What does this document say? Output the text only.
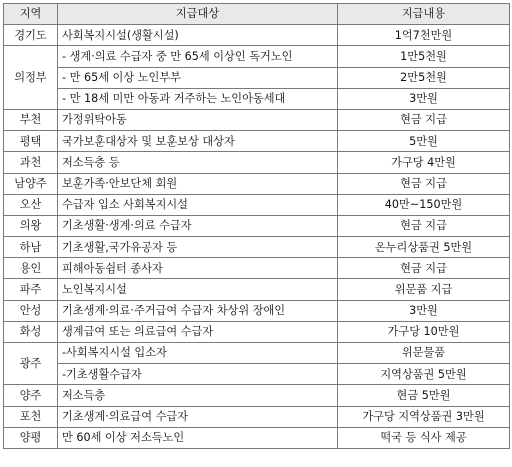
지역	지급대상	지급내용
경기도	사회복지시설(생활시설)	1억7천만원
의정부	- 생계·의료 수급자 중 만 65세 이상인 독거노인	1만5천원
	- 만 65세 이상 노인부부	2만5천원
	- 만 18세 미만 아동과 거주하는 노인아동세대	3만원
부천	가정위탁아동	현금 지급
평택	국가보훈대상자 및 보훈보상 대상자	5만원
과천	저소득층 등	가구당 4만원
남양주	보훈가족·안보단체 회원	현금 지급
오산	수급자 입소 사회복지시설	40만~150만원
의왕	기초생활·생계·의료 수급자	현금 지급
하남	기초생활,국가유공자 등	온누리상품권 5만원
용인	피해아동쉼터 종사자	현금 지급
파주	노인복지시설	위문품 지급
안성	기초생계·의료·주거급여 수급자 차상위 장애인	3만원
화성	생계급여 또는 의료급여 수급자	가구당 10만원
광주	-사회복지시설 입소자	위문물품
	-기초생활수급자	지역상품권 5만원
양주	저소득층	현금 5만원
포천	기초생계·의료급여 수급자	가구당 지역상품권 3만원
양평	만 60세 이상 저소득노인	떡국 등 식사 제공
